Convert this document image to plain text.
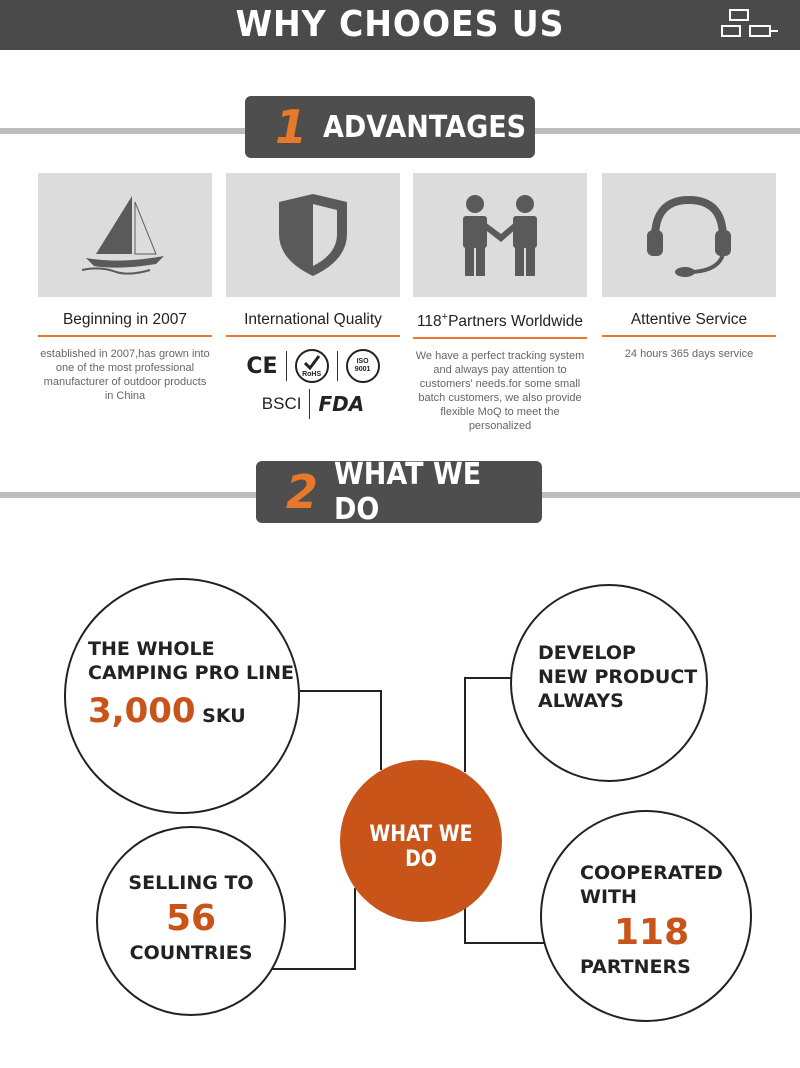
WHY CHOOES US
1 ADVANTAGES
Beginning in 2007
established in 2007,has grown into one of the most professional manufacturer of outdoor products in China
International Quality
CE	RoHS
ISO 9001
BSCI FDA
118+Partners Worldwide
We have a perfect tracking system and always pay attention to customers' needs.for some small batch customers, we also provide flexible MoQ to meet the personalized
Attentive Service
24 hours 365 days service
2 WHAT WE DO
THE WHOLE
CAMPING PRO LINE
3,000 SKU
DEVELOP
NEW PRODUCT
ALWAYS
SELLING TO
56
COUNTRIES
COOPERATED
WITH
118
PARTNERS
WHAT WE DO
